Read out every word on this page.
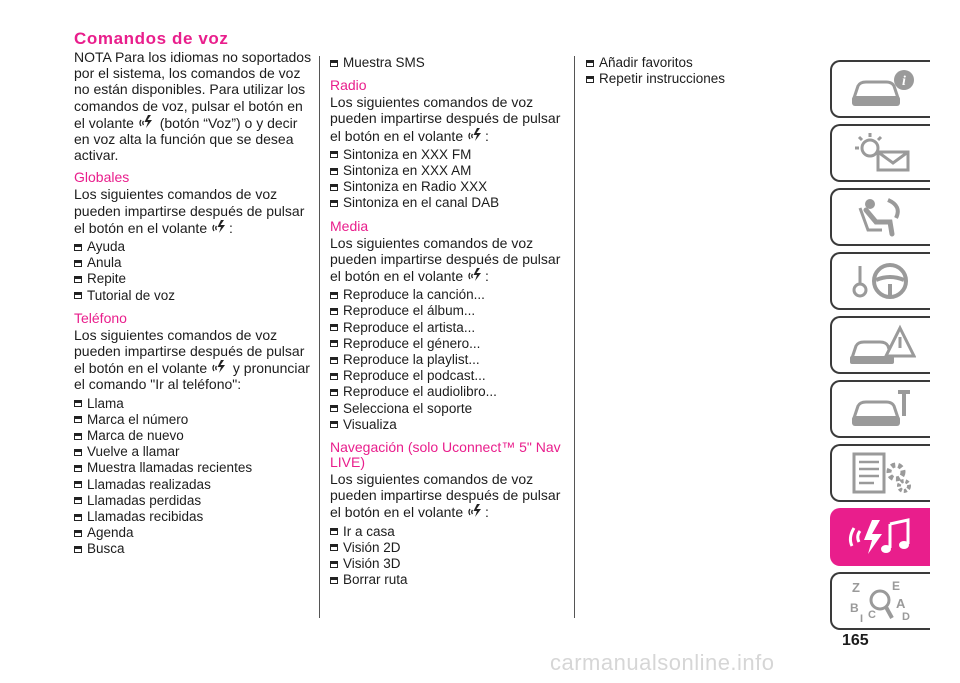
Comandos de voz

NOTA Para los idiomas no soportados por el sistema, los comandos de voz no están disponibles. Para utilizar los comandos de voz, pulsar el botón en el volante (botón “Voz”) o y decir en voz alta la función que se desea activar.

Globales

Los siguientes comandos de voz pueden impartirse después de pulsar el botón en el volante :

Ayuda
Anula
Repite
Tutorial de voz
Teléfono

Los siguientes comandos de voz pueden impartirse después de pulsar el botón en el volante y pronunciar el comando "Ir al teléfono":

Llama
Marca el número
Marca de nuevo
Vuelve a llamar
Muestra llamadas recientes
Llamadas realizadas
Llamadas perdidas
Llamadas recibidas
Agenda
Busca
Muestra SMS
Radio

Los siguientes comandos de voz pueden impartirse después de pulsar el botón en el volante :

Sintoniza en XXX FM
Sintoniza en XXX AM
Sintoniza en Radio XXX
Sintoniza en el canal DAB
Media

Los siguientes comandos de voz pueden impartirse después de pulsar el botón en el volante :

Reproduce la canción...
Reproduce el álbum...
Reproduce el artista...
Reproduce el género...
Reproduce la playlist...
Reproduce el podcast...
Reproduce el audiolibro...
Selecciona el soporte
Visualiza
Navegación (solo Uconnect™ 5" Nav LIVE)

Los siguientes comandos de voz pueden impartirse después de pulsar el botón en el volante :

Ir a casa
Visión 2D
Visión 3D
Borrar ruta
Añadir favoritos
Repetir instrucciones	i
Z	E
B	A
I C D
165
carmanualsonline.info
